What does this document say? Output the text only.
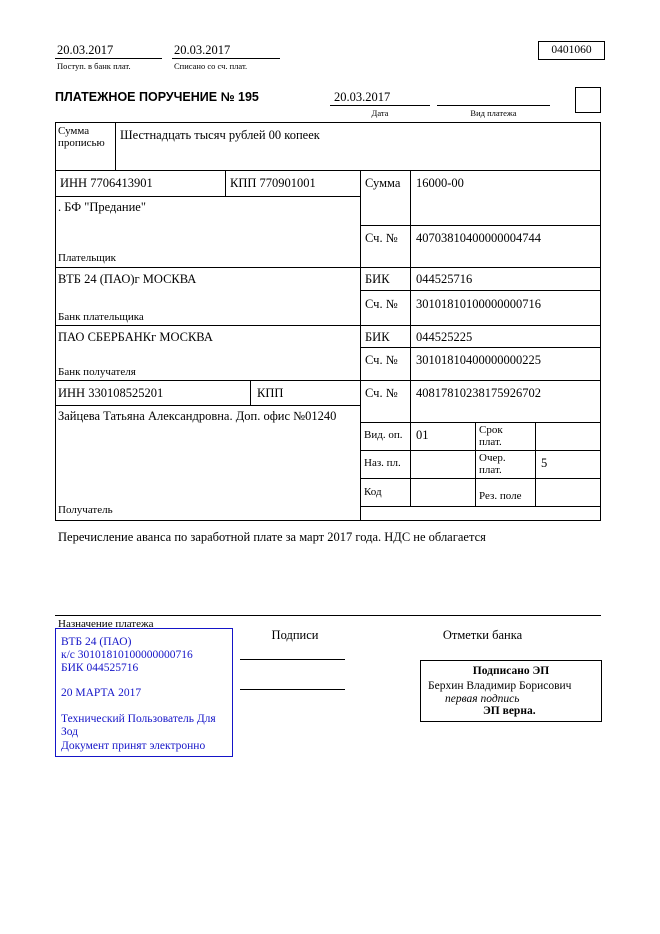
20.03.2017
Поступ. в банк плат.
20.03.2017
Списано со сч. плат.
0401060
ПЛАТЕЖНОЕ ПОРУЧЕНИЕ № 195	20.03.2017
Дата	Вид платежа
Сумма прописью
Шестнадцать тысяч рублей 00 копеек
ИНН 7706413901	КПП 770901001	Сумма 16000-00
. БФ "Предание"
Сч. № 40703810400000004744
Плательщик
ВТБ 24 (ПАО)г МОСКВА	БИК 044525716
Сч. № 30101810100000000716
Банк плательщика
ПАО СБЕРБАНКг МОСКВА	БИК 044525225
Сч. № 30101810400000000225
Банк получателя
ИНН 330108525201	КПП	Сч. № 40817810238175926702
Зайцева Татьяна Александровна. Доп. офис №01240
Получатель
Вид. оп. 01	Срок плат.
Наз. пл.	Очер. плат.	5
Код	Рез. поле
Перечисление аванса по заработной плате за март 2017 года. НДС не облагается
Назначение платежа
ВТБ 24 (ПАО)
к/с 30101810100000000716
БИК 044525716
20 МАРТА 2017
Технический Пользователь Для Зод
Документ принят электронно
Подписи	Отметки банка
Подписано ЭП
Берхин Владимир Борисович
первая подпись
ЭП верна.
